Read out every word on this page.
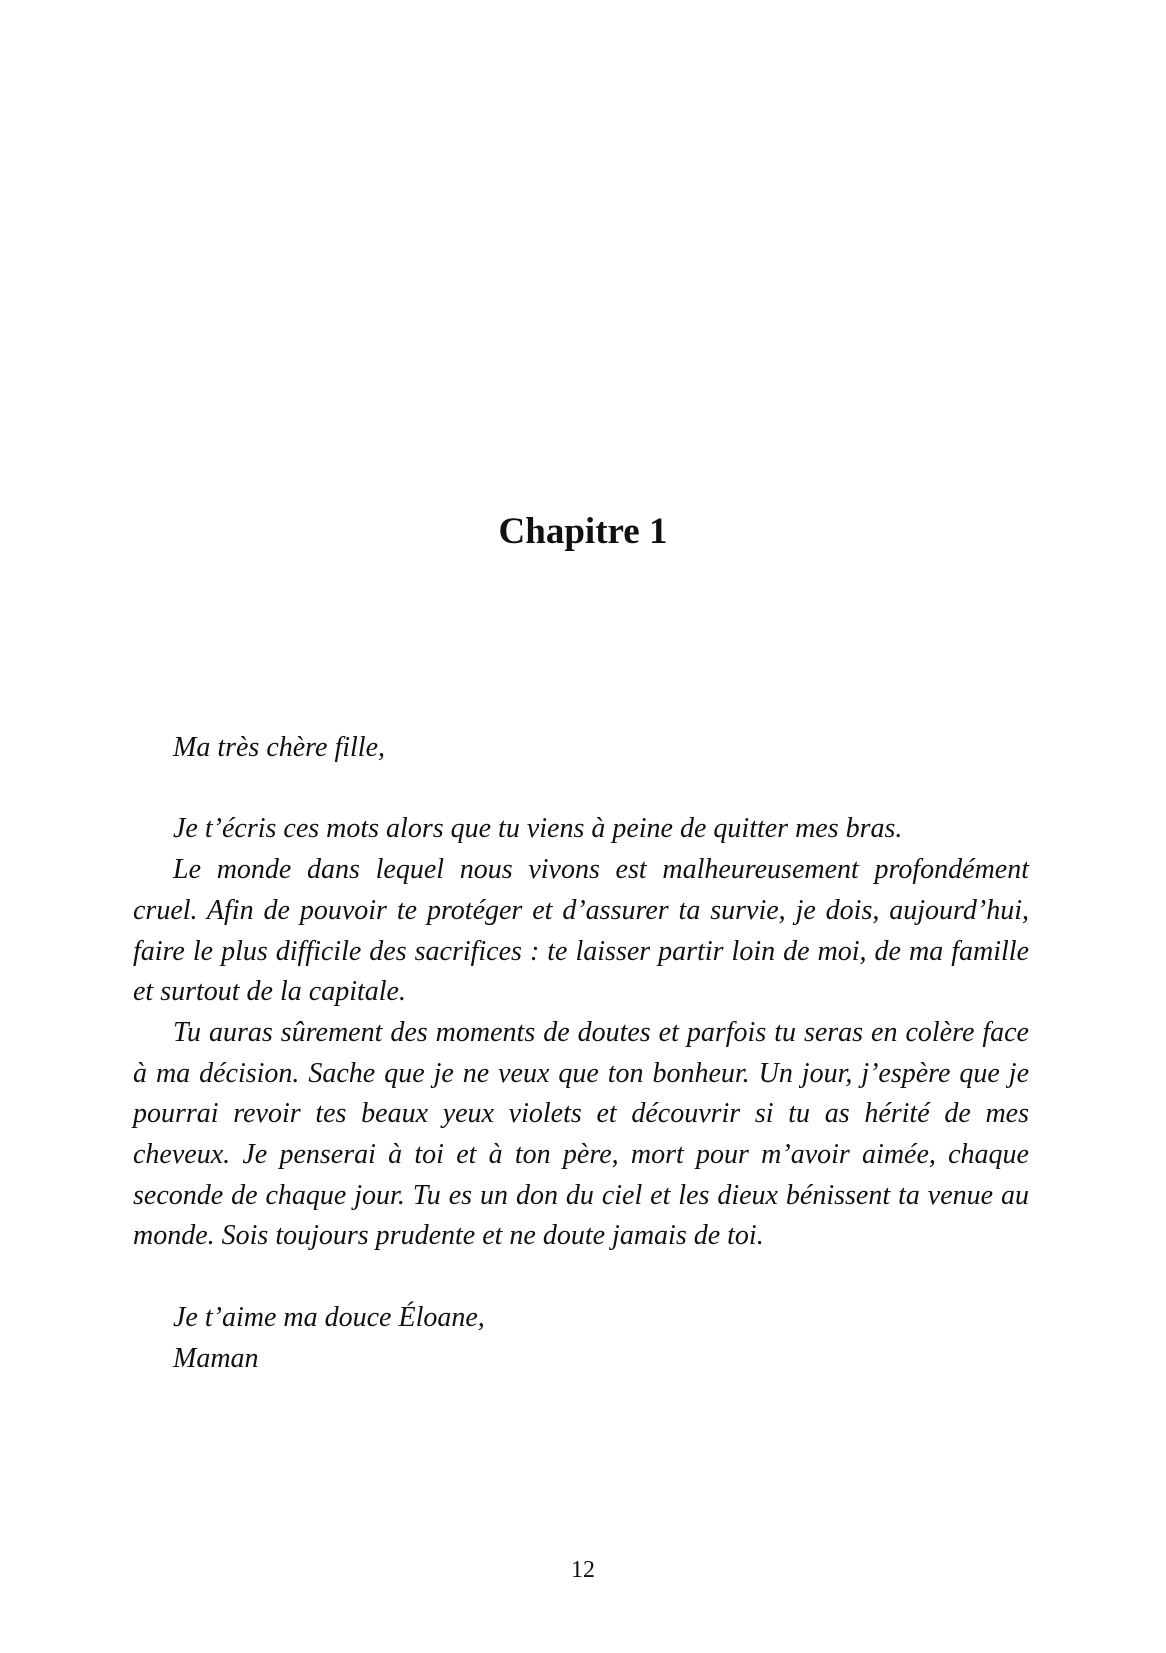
Chapitre 1

Ma très chère fille,

Je t’écris ces mots alors que tu viens à peine de quitter mes bras.

Le monde dans lequel nous vivons est malheureusement profondément cruel. Afin de pouvoir te protéger et d’assurer ta survie, je dois, aujourd’hui, faire le plus difficile des sacrifices : te laisser partir loin de moi, de ma famille et surtout de la capitale.

Tu auras sûrement des moments de doutes et parfois tu seras en colère face à ma décision. Sache que je ne veux que ton bonheur. Un jour, j’espère que je pourrai revoir tes beaux yeux violets et découvrir si tu as hérité de mes cheveux. Je penserai à toi et à ton père, mort pour m’avoir aimée, chaque seconde de chaque jour. Tu es un don du ciel et les dieux bénissent ta venue au monde. Sois toujours prudente et ne doute jamais de toi.

Je t’aime ma douce Éloane,

Maman

12
